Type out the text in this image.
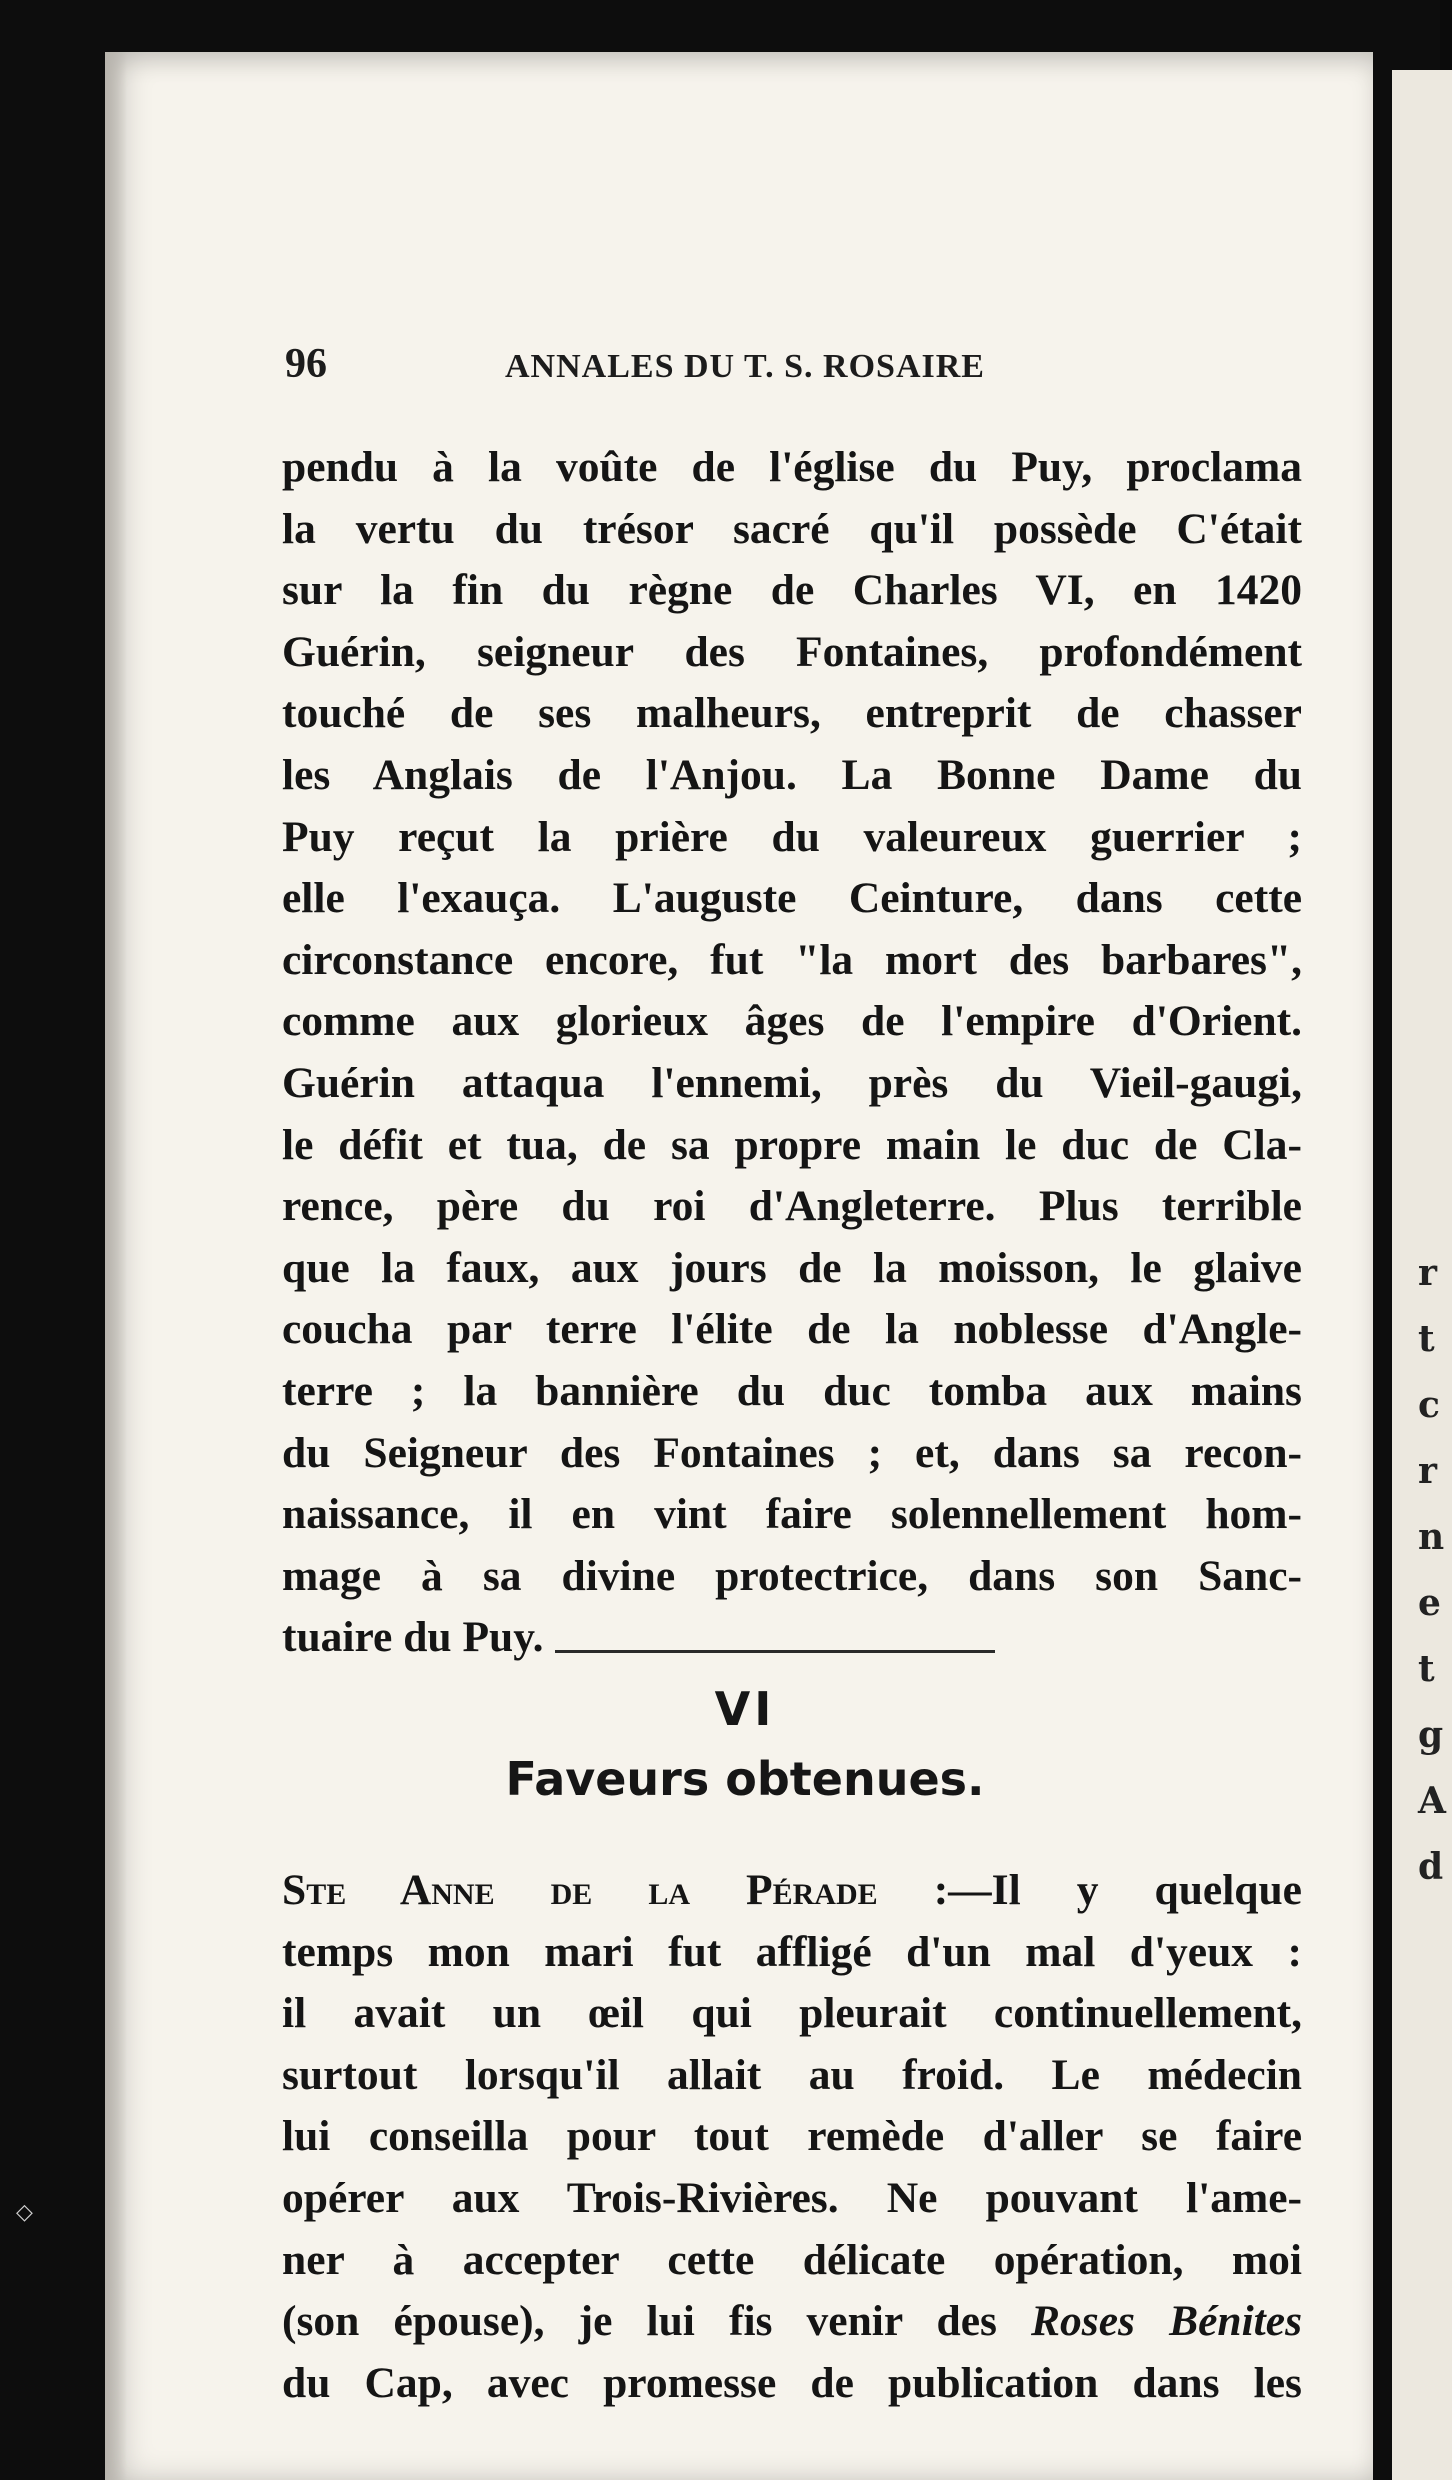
r
t
c
r
n
e
t
g
A
d
◇
96	ANNALES DU T. S. ROSAIRE
pendu à la voûte de l'église du Puy, proclama
la vertu du trésor sacré qu'il possède C'était
sur la fin du règne de Charles VI, en 1420
Guérin, seigneur des Fontaines, profondément
touché de ses malheurs, entreprit de chasser
les Anglais de l'Anjou. La Bonne Dame du
Puy reçut la prière du valeureux guerrier ;
elle l'exauça. L'auguste Ceinture, dans cette
circonstance encore, fut "la mort des barbares",
comme aux glorieux âges de l'empire d'Orient.
Guérin attaqua l'ennemi, près du Vieil-gaugi,
le défit et tua, de sa propre main le duc de Cla-
rence, père du roi d'Angleterre. Plus terrible
que la faux, aux jours de la moisson, le glaive
coucha par terre l'élite de la noblesse d'Angle-
terre ; la bannière du duc tomba aux mains
du Seigneur des Fontaines ; et, dans sa recon-
naissance, il en vint faire solennellement hom-
mage à sa divine protectrice, dans son Sanc-
tuaire du Puy.
VI
Faveurs obtenues.
Ste Anne de la Pérade :—Il y quelque
temps mon mari fut affligé d'un mal d'yeux :
il avait un œil qui pleurait continuellement,
surtout lorsqu'il allait au froid. Le médecin
lui conseilla pour tout remède d'aller se faire
opérer aux Trois-Rivières. Ne pouvant l'ame-
ner à accepter cette délicate opération, moi
(son épouse), je lui fis venir des Roses Bénites
du Cap, avec promesse de publication dans les
